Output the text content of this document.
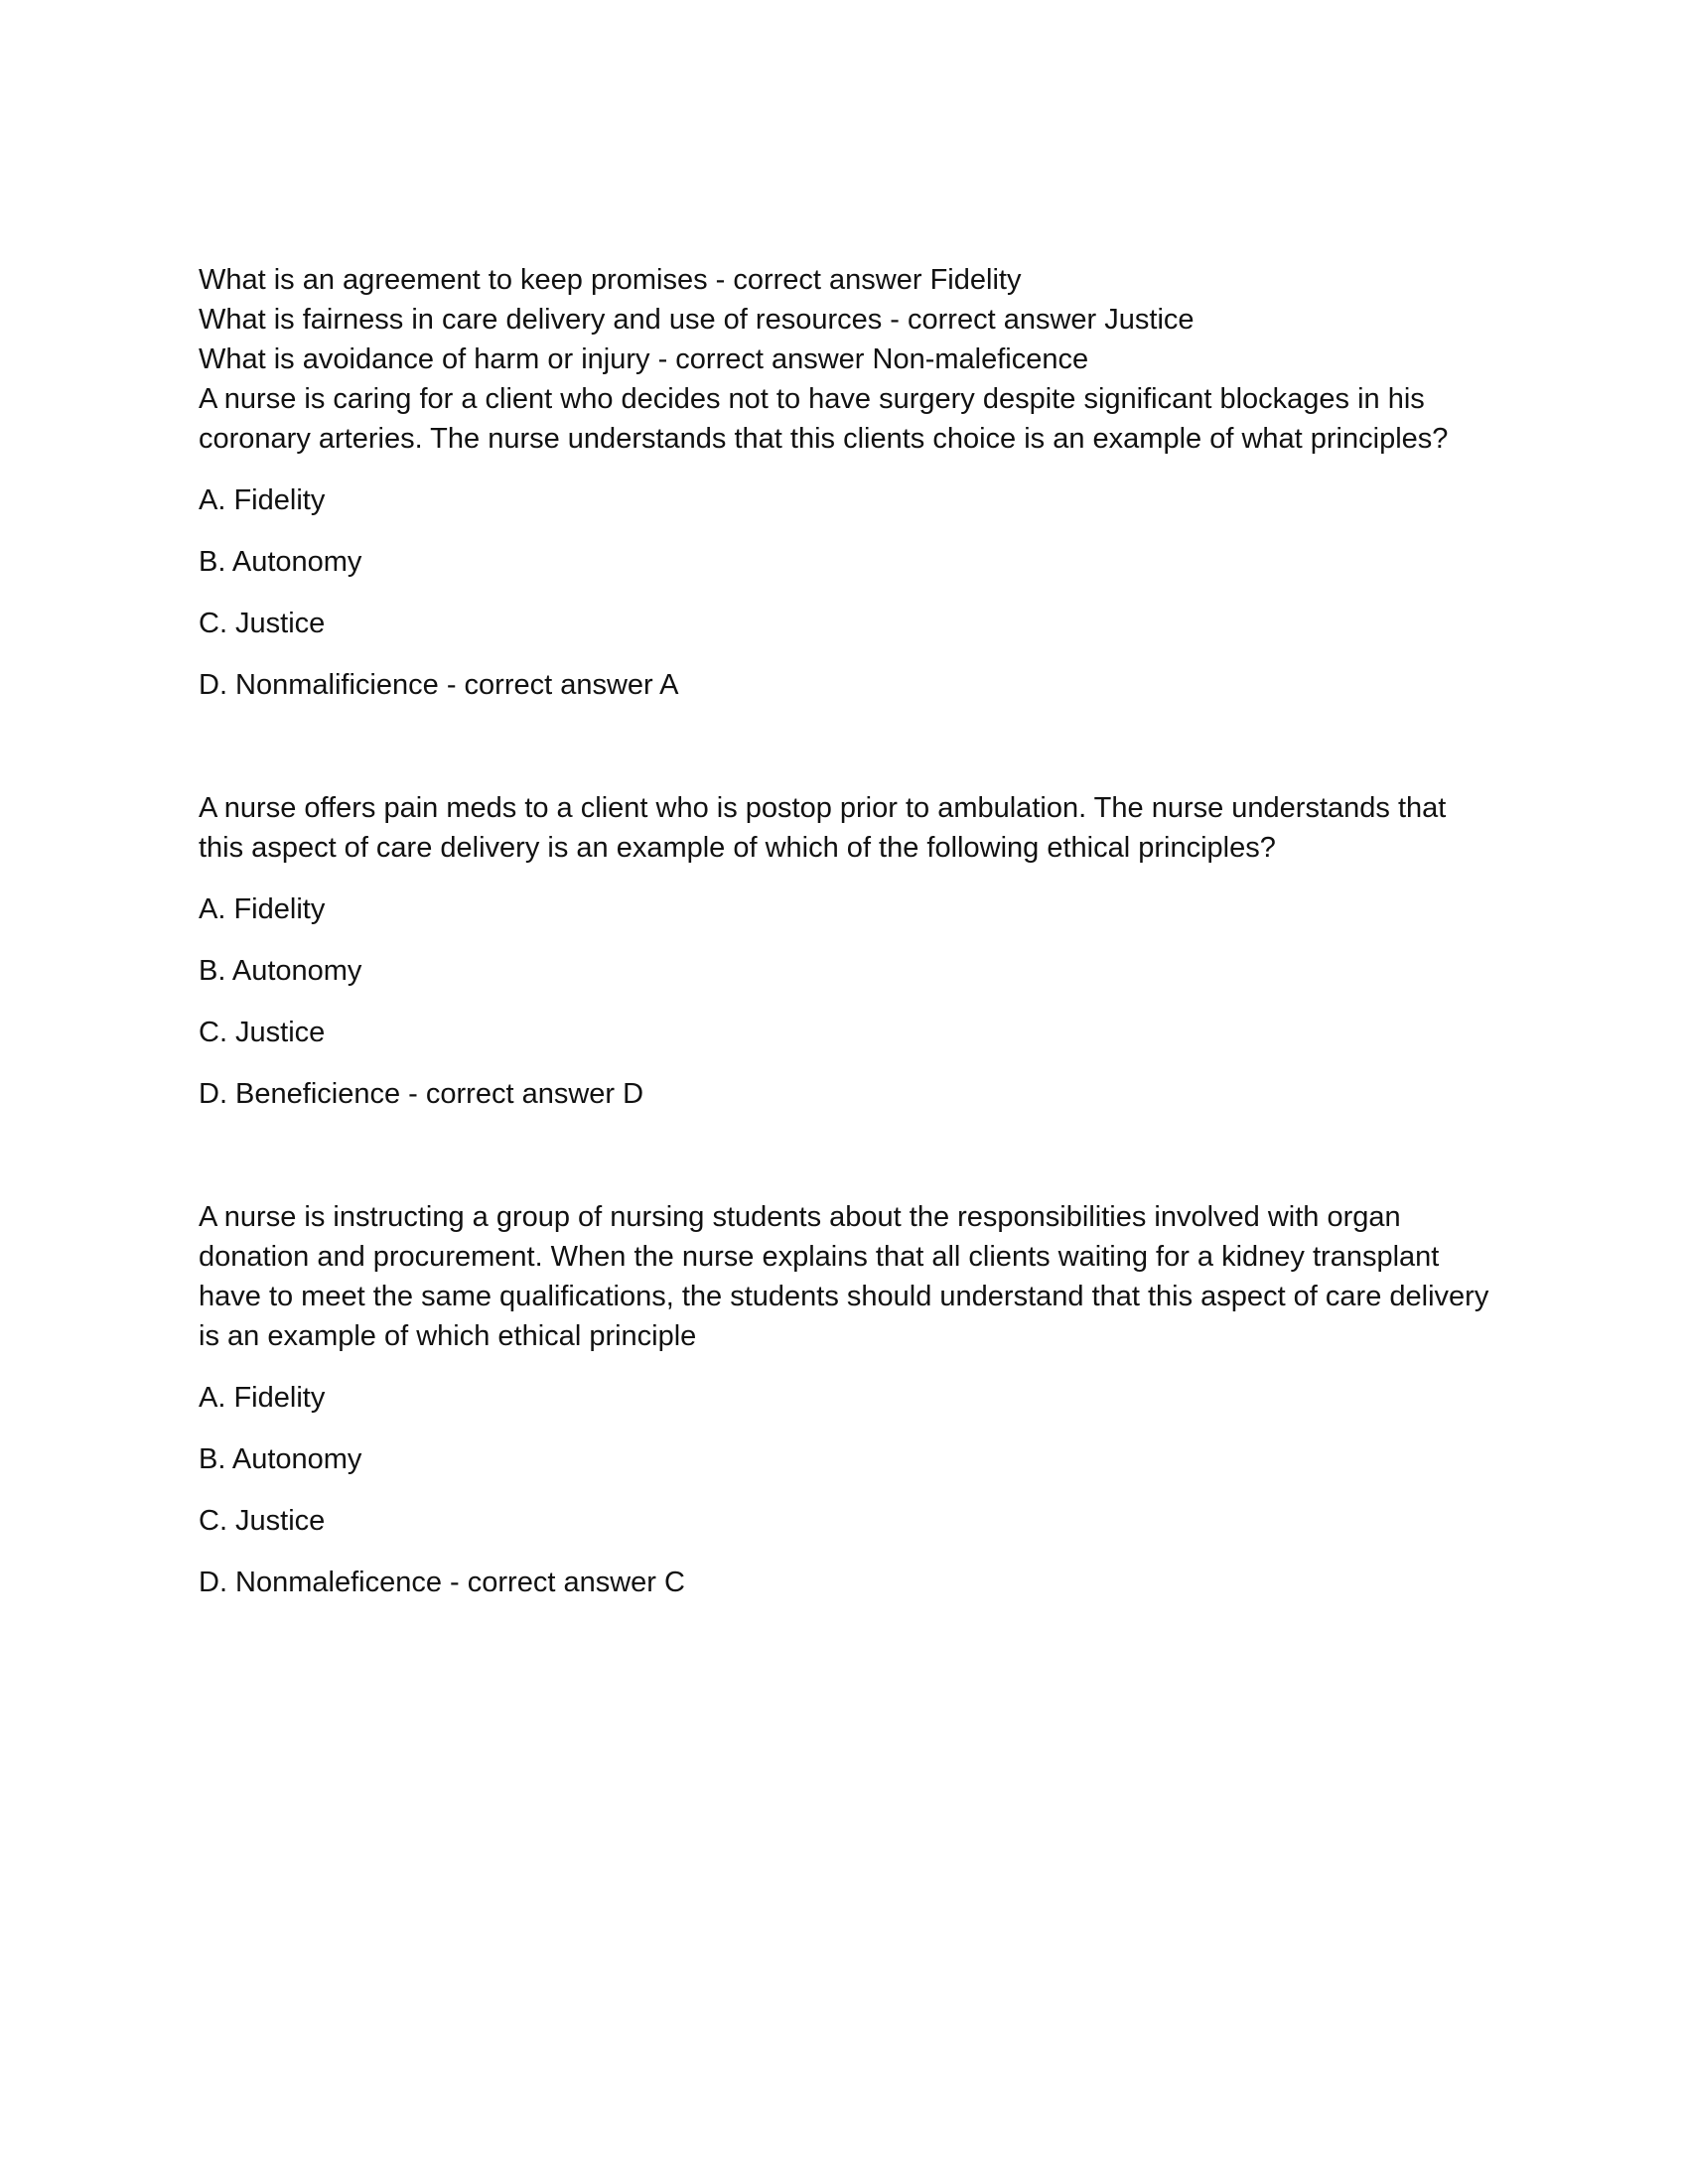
What is an agreement to keep promises - correct answer Fidelity

What is fairness in care delivery and use of resources - correct answer Justice

What is avoidance of harm or injury - correct answer Non-maleficence

A nurse is caring for a client who decides not to have surgery despite significant blockages in his coronary arteries. The nurse understands that this clients choice is an example of what principles?

A. Fidelity

B. Autonomy

C. Justice

D. Nonmalificience - correct answer A

A nurse offers pain meds to a client who is postop prior to ambulation. The nurse understands that this aspect of care delivery is an example of which of the following ethical principles?

A. Fidelity

B. Autonomy

C. Justice

D. Beneficience - correct answer D

A nurse is instructing a group of nursing students about the responsibilities involved with organ donation and procurement. When the nurse explains that all clients waiting for a kidney transplant have to meet the same qualifications, the students should understand that this aspect of care delivery is an example of which ethical principle

A. Fidelity

B. Autonomy

C. Justice

D. Nonmaleficence - correct answer C
